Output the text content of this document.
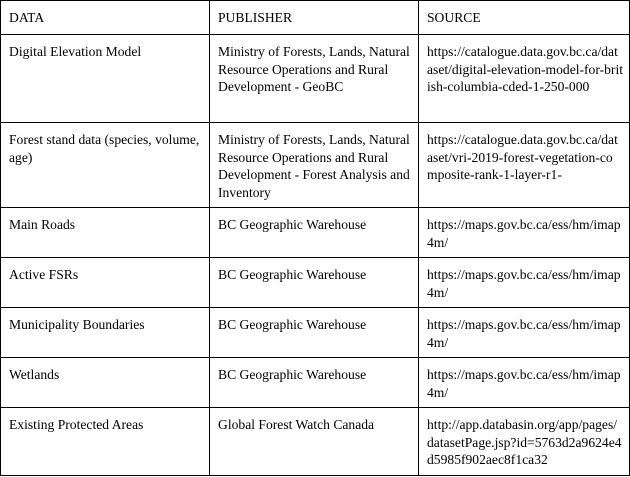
DATA	PUBLISHER	SOURCE
Digital Elevation Model	Ministry of Forests, Lands, Natural Resource Operations and Rural Development - GeoBC	https://catalogue.data.gov.bc.ca/dataset/digital-elevation-model-for-british-columbia-cded-1-250-000
Forest stand data (species, volume, age)	Ministry of Forests, Lands, Natural Resource Operations and Rural Development - Forest Analysis and Inventory	https://catalogue.data.gov.bc.ca/dataset/vri-2019-forest-vegetation-composite-rank-1-layer-r1-
Main Roads	BC Geographic Warehouse	https://maps.gov.bc.ca/ess/hm/imap4m/
Active FSRs	BC Geographic Warehouse	https://maps.gov.bc.ca/ess/hm/imap4m/
Municipality Boundaries	BC Geographic Warehouse	https://maps.gov.bc.ca/ess/hm/imap4m/
Wetlands	BC Geographic Warehouse	https://maps.gov.bc.ca/ess/hm/imap4m/
Existing Protected Areas	Global Forest Watch Canada	http://app.databasin.org/app/pages/datasetPage.jsp?id=5763d2a9624e4d5985f902aec8f1ca32
